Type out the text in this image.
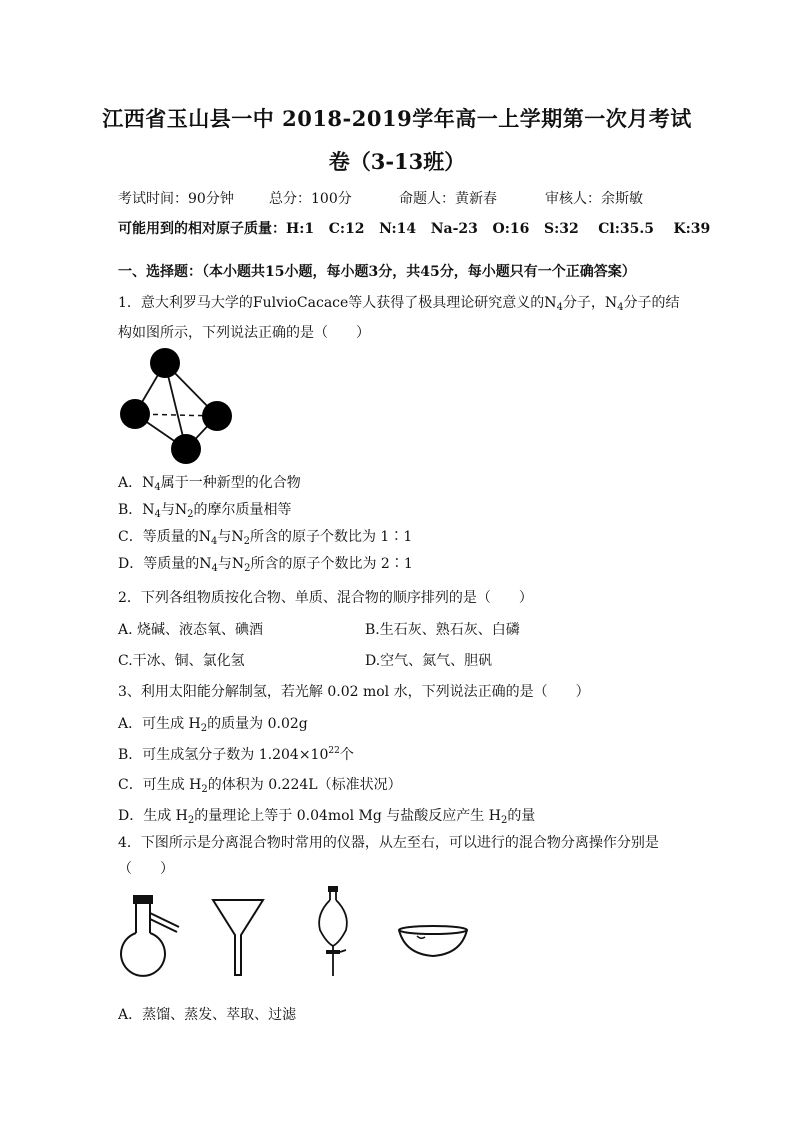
江西省玉山县一中 2018-2019学年高一上学期第一次月考试
卷（3-13班）
考试时间：90分钟	总分：100分	命题人：黄新春	审核人：余斯敏
可能用到的相对原子质量：H:1   C:12   N:14   Na-23   O:16   S:32    Cl:35.5    K:39
一、选择题：（本小题共15小题，每小题3分，共45分，每小题只有一个正确答案）
1．意大利罗马大学的FulvioCacace等人获得了极具理论研究意义的$N_4$分子，$N_4$分子的结
构如图所示，下列说法正确的是（　　）
A．$N_4$属于一种新型的化合物
B．$N_4$与$N_2$的摩尔质量相等
C．等质量的$N_4$与$N_2$所含的原子个数比为 1∶1
D．等质量的$N_4$与$N_2$所含的原子个数比为 2∶1
2．下列各组物质按化合物、单质、混合物的顺序排列的是（　　）
A. 烧碱、液态氧、碘酒	B.生石灰、熟石灰、白磷
C.干冰、铜、氯化氢	D.空气、氮气、胆矾
3、利用太阳能分解制氢，若光解 0.02 mol 水，下列说法正确的是（　　）
A．可生成 $H_2$的质量为 0.02g
B．可生成氢分子数为 $1.204\times 10^{22}$个
C．可生成 $H_2$的体积为 0.224L（标准状况）
D．生成 $H_2$的量理论上等于 0.04mol Mg 与盐酸反应产生 $H_2$的量
4．下图所示是分离混合物时常用的仪器，从左至右，可以进行的混合物分离操作分别是
（　　）
A．蒸馏、蒸发、萃取、过滤
